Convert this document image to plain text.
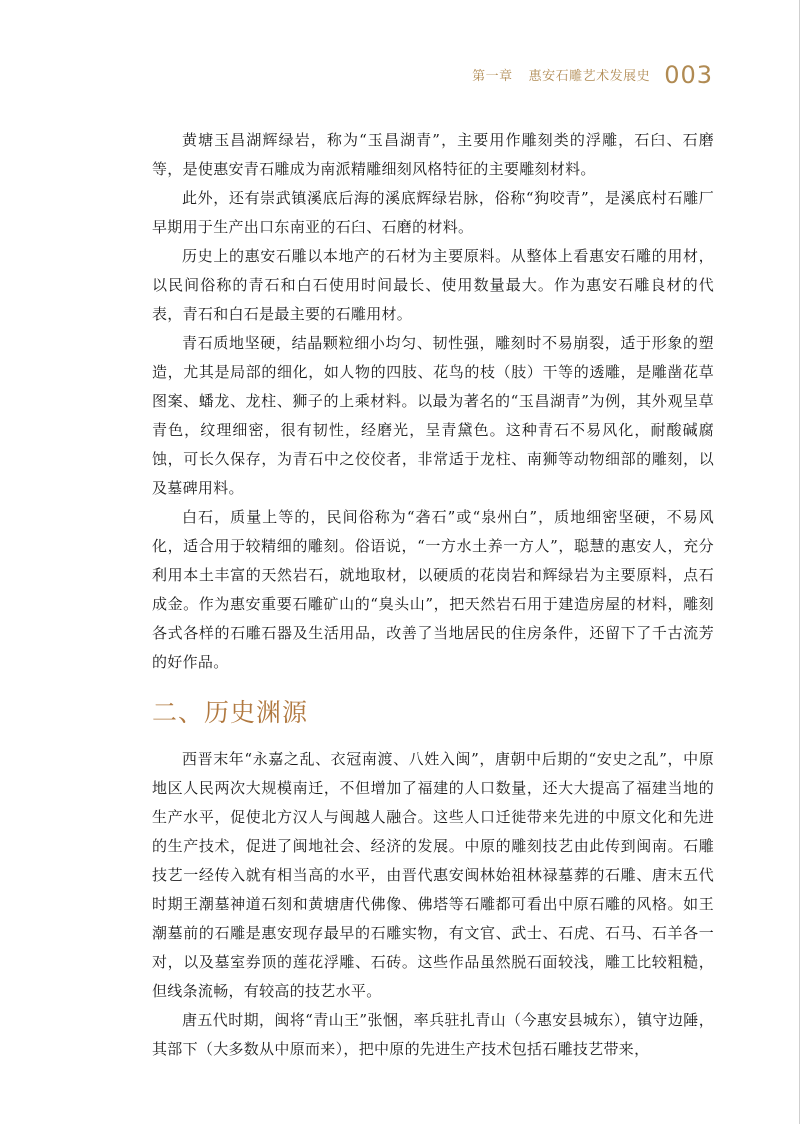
第一章 惠安石雕艺术发展史 003

黄塘玉昌湖辉绿岩，称为“玉昌湖青”，主要用作雕刻类的浮雕，石臼、石磨等，是使惠安青石雕成为南派精雕细刻风格特征的主要雕刻材料。

此外，还有崇武镇溪底后海的溪底辉绿岩脉，俗称“狗咬青”，是溪底村石雕厂早期用于生产出口东南亚的石臼、石磨的材料。

历史上的惠安石雕以本地产的石材为主要原料。从整体上看惠安石雕的用材，以民间俗称的青石和白石使用时间最长、使用数量最大。作为惠安石雕良材的代表，青石和白石是最主要的石雕用材。

青石质地坚硬，结晶颗粒细小均匀、韧性强，雕刻时不易崩裂，适于形象的塑造，尤其是局部的细化，如人物的四肢、花鸟的枝（肢）干等的透雕，是雕凿花草图案、蟠龙、龙柱、狮子的上乘材料。以最为著名的“玉昌湖青”为例，其外观呈草青色，纹理细密，很有韧性，经磨光，呈青黛色。这种青石不易风化，耐酸碱腐蚀，可长久保存，为青石中之佼佼者，非常适于龙柱、南狮等动物细部的雕刻，以及墓碑用料。

白石，质量上等的，民间俗称为“砻石”或“泉州白”，质地细密坚硬，不易风化，适合用于较精细的雕刻。俗语说，“一方水土养一方人”，聪慧的惠安人，充分利用本土丰富的天然岩石，就地取材，以硬质的花岗岩和辉绿岩为主要原料，点石成金。作为惠安重要石雕矿山的“臭头山”，把天然岩石用于建造房屋的材料，雕刻各式各样的石雕石器及生活用品，改善了当地居民的住房条件，还留下了千古流芳的好作品。

二、历史渊源

西晋末年“永嘉之乱、衣冠南渡、八姓入闽”，唐朝中后期的“安史之乱”，中原地区人民两次大规模南迁，不但增加了福建的人口数量，还大大提高了福建当地的生产水平，促使北方汉人与闽越人融合。这些人口迁徙带来先进的中原文化和先进的生产技术，促进了闽地社会、经济的发展。中原的雕刻技艺由此传到闽南。石雕技艺一经传入就有相当高的水平，由晋代惠安闽林始祖林禄墓葬的石雕、唐末五代时期王潮墓神道石刻和黄塘唐代佛像、佛塔等石雕都可看出中原石雕的风格。如王潮墓前的石雕是惠安现存最早的石雕实物，有文官、武士、石虎、石马、石羊各一对，以及墓室券顶的莲花浮雕、石砖。这些作品虽然脱石面较浅，雕工比较粗糙，但线条流畅，有较高的技艺水平。

唐五代时期，闽将“青山王”张悃，率兵驻扎青山（今惠安县城东），镇守边陲，其部下（大多数从中原而来），把中原的先进生产技术包括石雕技艺带来，
